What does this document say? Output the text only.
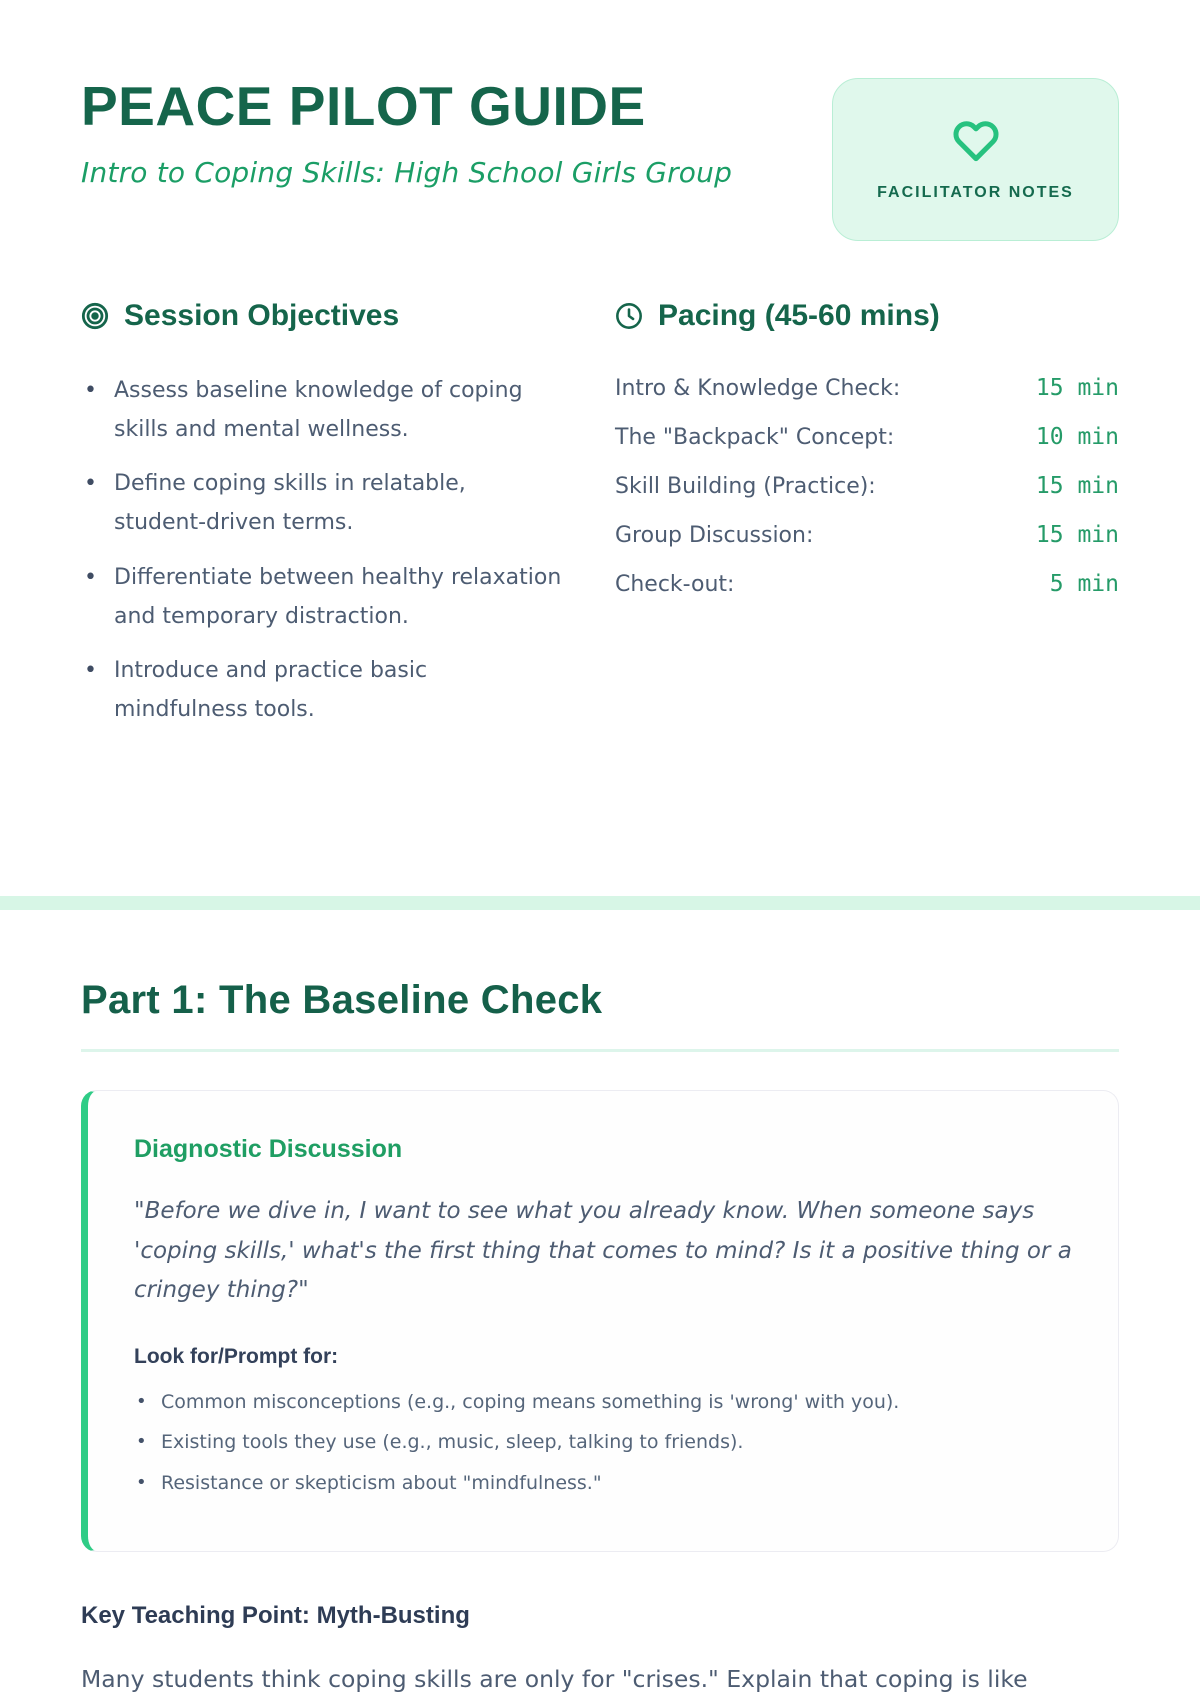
PEACE PILOT GUIDE
Intro to Coping Skills: High School Girls Group
FACILITATOR NOTES
Session Objectives
• Assess baseline knowledge of coping skills and mental wellness.
• Define coping skills in relatable, student-driven terms.
• Differentiate between healthy relaxation and temporary distraction.
• Introduce and practice basic mindfulness tools.
Pacing (45-60 mins)
Intro & Knowledge Check:	15 min
The "Backpack" Concept:	10 min
Skill Building (Practice):	15 min
Group Discussion:	15 min
Check-out:	5 min
Part 1: The Baseline Check
Diagnostic Discussion
"Before we dive in, I want to see what you already know. When someone says 'coping skills,' what's the first thing that comes to mind? Is it a positive thing or a cringey thing?"
Look for/Prompt for:
• Common misconceptions (e.g., coping means something is 'wrong' with you).
• Existing tools they use (e.g., music, sleep, talking to friends).
• Resistance or skepticism about "mindfulness."
Key Teaching Point: Myth-Busting
Many students think coping skills are only for "crises." Explain that coping is like
